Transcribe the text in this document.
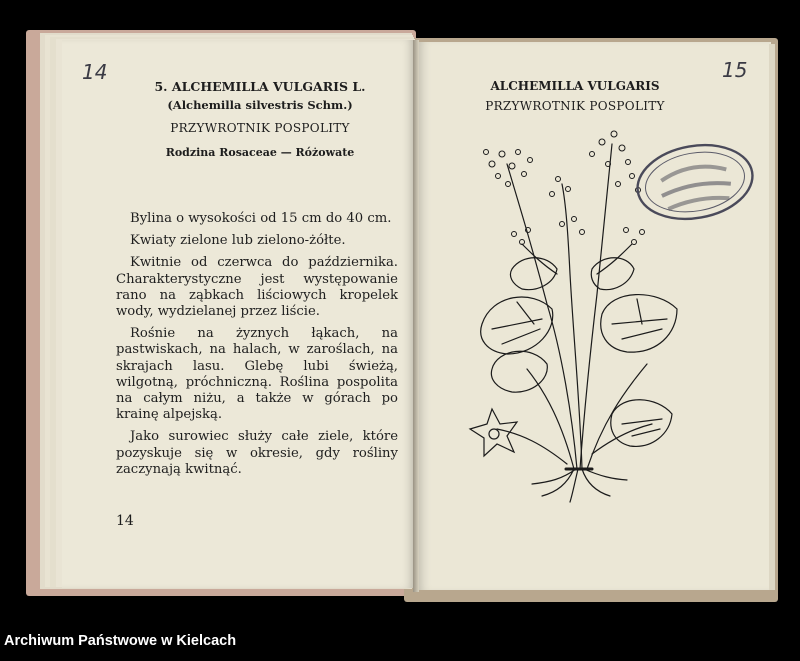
14
5. ALCHEMILLA VULGARIS L.
(Alchemilla silvestris Schm.)
PRZYWROTNIK POSPOLITY
Rodzina Rosaceae — Różowate

Bylina o wysokości od 15 cm do 40 cm.

Kwiaty zielone lub zielono-żółte.

Kwitnie od czerwca do października. Charakterystyczne jest występowanie rano na ząbkach liściowych kropelek wody, wydzielanej przez liście.

Rośnie na żyznych łąkach, na pastwiskach, na halach, w zaroślach, na skrajach lasu. Glebę lubi świeżą, wilgotną, próchniczną. Roślina pospolita na całym niżu, a także w górach po krainę alpejską.

Jako surowiec służy całe ziele, które pozyskuje się w okresie, gdy rośliny zaczynają kwitnąć.

14
15
ALCHEMILLA VULGARIS
PRZYWROTNIK POSPOLITY
Archiwum Państwowe w Kielcach
